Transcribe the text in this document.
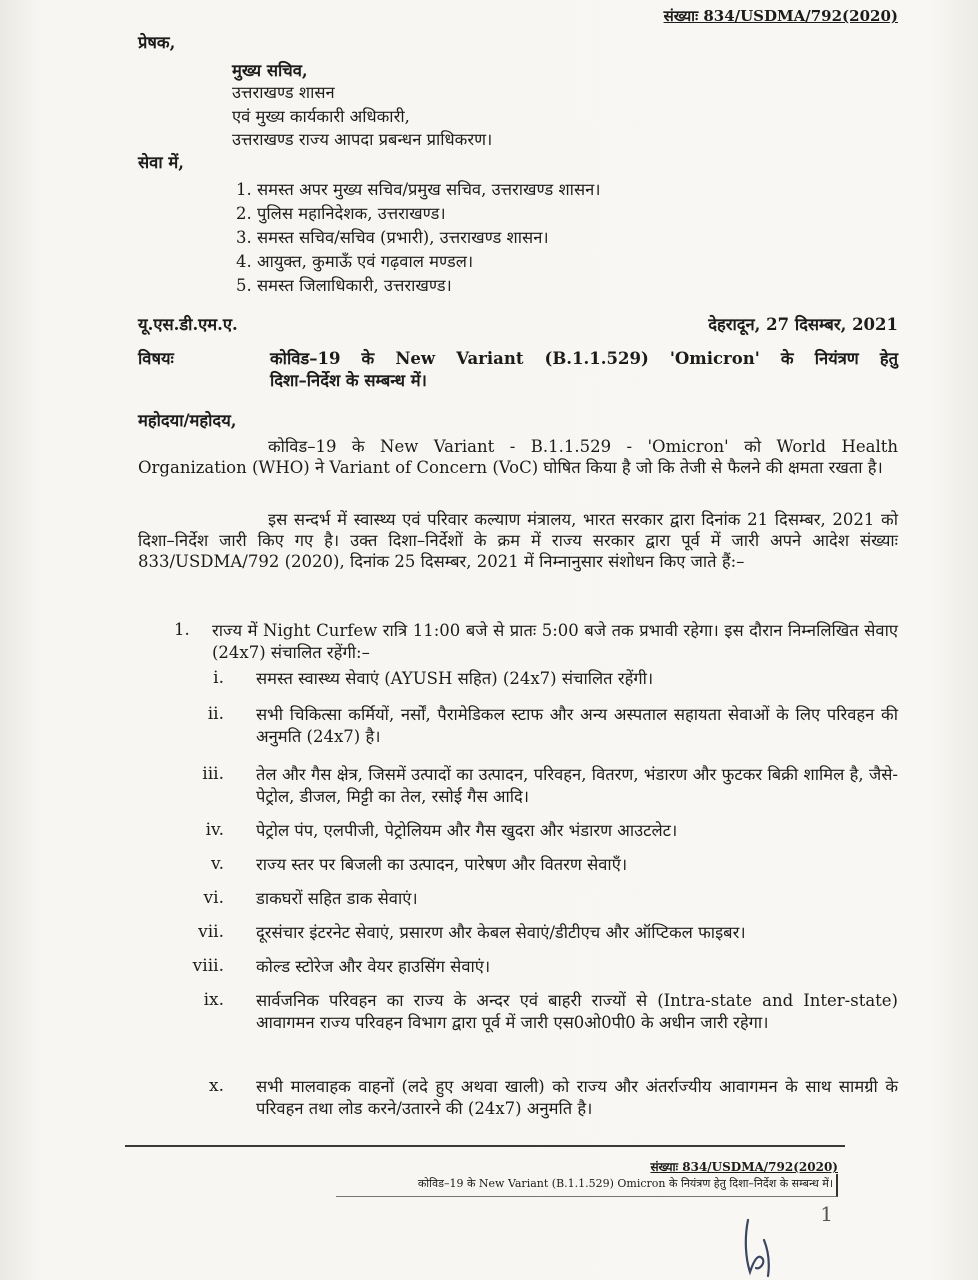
संख्याः 834/USDMA/792(2020)
प्रेषक,
मुख्य सचिव,
उत्तराखण्ड शासन
एवं मुख्य कार्यकारी अधिकारी,
उत्तराखण्ड राज्य आपदा प्रबन्धन प्राधिकरण।
सेवा में,
1. समस्त अपर मुख्य सचिव/प्रमुख सचिव, उत्तराखण्ड शासन।
2. पुलिस महानिदेशक, उत्तराखण्ड।
3. समस्त सचिव/सचिव (प्रभारी), उत्तराखण्ड शासन।
4. आयुक्त, कुमाऊँ एवं गढ़वाल मण्डल।
5. समस्त जिलाधिकारी, उत्तराखण्ड।
यू.एस.डी.एम.ए.	देहरादून, 27 दिसम्बर, 2021
विषयः	कोविड–19 के New Variant (B.1.1.529) 'Omicron' के नियंत्रण हेतु
दिशा–निर्देश के सम्बन्ध में।
महोदया/महोदय,
कोविड–19 के New Variant - B.1.1.529 - 'Omicron' को World Health Organization (WHO) ने Variant of Concern (VoC) घोषित किया है जो कि तेजी से फैलने की क्षमता रखता है।
इस सन्दर्भ में स्वास्थ्य एवं परिवार कल्याण मंत्रालय, भारत सरकार द्वारा दिनांक 21 दिसम्बर, 2021 को दिशा–निर्देश जारी किए गए है। उक्त दिशा–निर्देशों के क्रम में राज्य सरकार द्वारा पूर्व में जारी अपने आदेश संख्याः 833/USDMA/792 (2020), दिनांक 25 दिसम्बर, 2021 में निम्नानुसार संशोधन किए जाते हैं:–
1. राज्य में Night Curfew रात्रि 11:00 बजे से प्रातः 5:00 बजे तक प्रभावी रहेगा। इस दौरान निम्नलिखित सेवाए (24x7) संचालित रहेंगी:–
i. समस्त स्वास्थ्य सेवाएं (AYUSH सहित) (24x7) संचालित रहेंगी।
ii. सभी चिकित्सा कर्मियों, नर्सों, पैरामेडिकल स्टाफ और अन्य अस्पताल सहायता सेवाओं के लिए परिवहन की अनुमति (24x7) है।
iii. तेल और गैस क्षेत्र, जिसमें उत्पादों का उत्पादन, परिवहन, वितरण, भंडारण और फुटकर बिक्री शामिल है, जैसे-पेट्रोल, डीजल, मिट्टी का तेल, रसोई गैस आदि।
iv. पेट्रोल पंप, एलपीजी, पेट्रोलियम और गैस खुदरा और भंडारण आउटलेट।
v. राज्य स्तर पर बिजली का उत्पादन, पारेषण और वितरण सेवाएँ।
vi. डाकघरों सहित डाक सेवाएं।
vii. दूरसंचार इंटरनेट सेवाएं, प्रसारण और केबल सेवाएं/डीटीएच और ऑप्टिकल फाइबर।
viii. कोल्ड स्टोरेज और वेयर हाउसिंग सेवाएं।
ix. सार्वजनिक परिवहन का राज्य के अन्दर एवं बाहरी राज्यों से (Intra-state and Inter-state) आवागमन राज्य परिवहन विभाग द्वारा पूर्व में जारी एस0ओ0पी0 के अधीन जारी रहेगा।
x. सभी मालवाहक वाहनों (लदे हुए अथवा खाली) को राज्य और अंतर्राज्यीय आवागमन के साथ सामग्री के परिवहन तथा लोड करने/उतारने की (24x7) अनुमति है।
संख्याः 834/USDMA/792(2020)
कोविड–19 के New Variant (B.1.1.529) Omicron के नियंत्रण हेतु दिशा–निर्देश के सम्बन्ध में।
1
